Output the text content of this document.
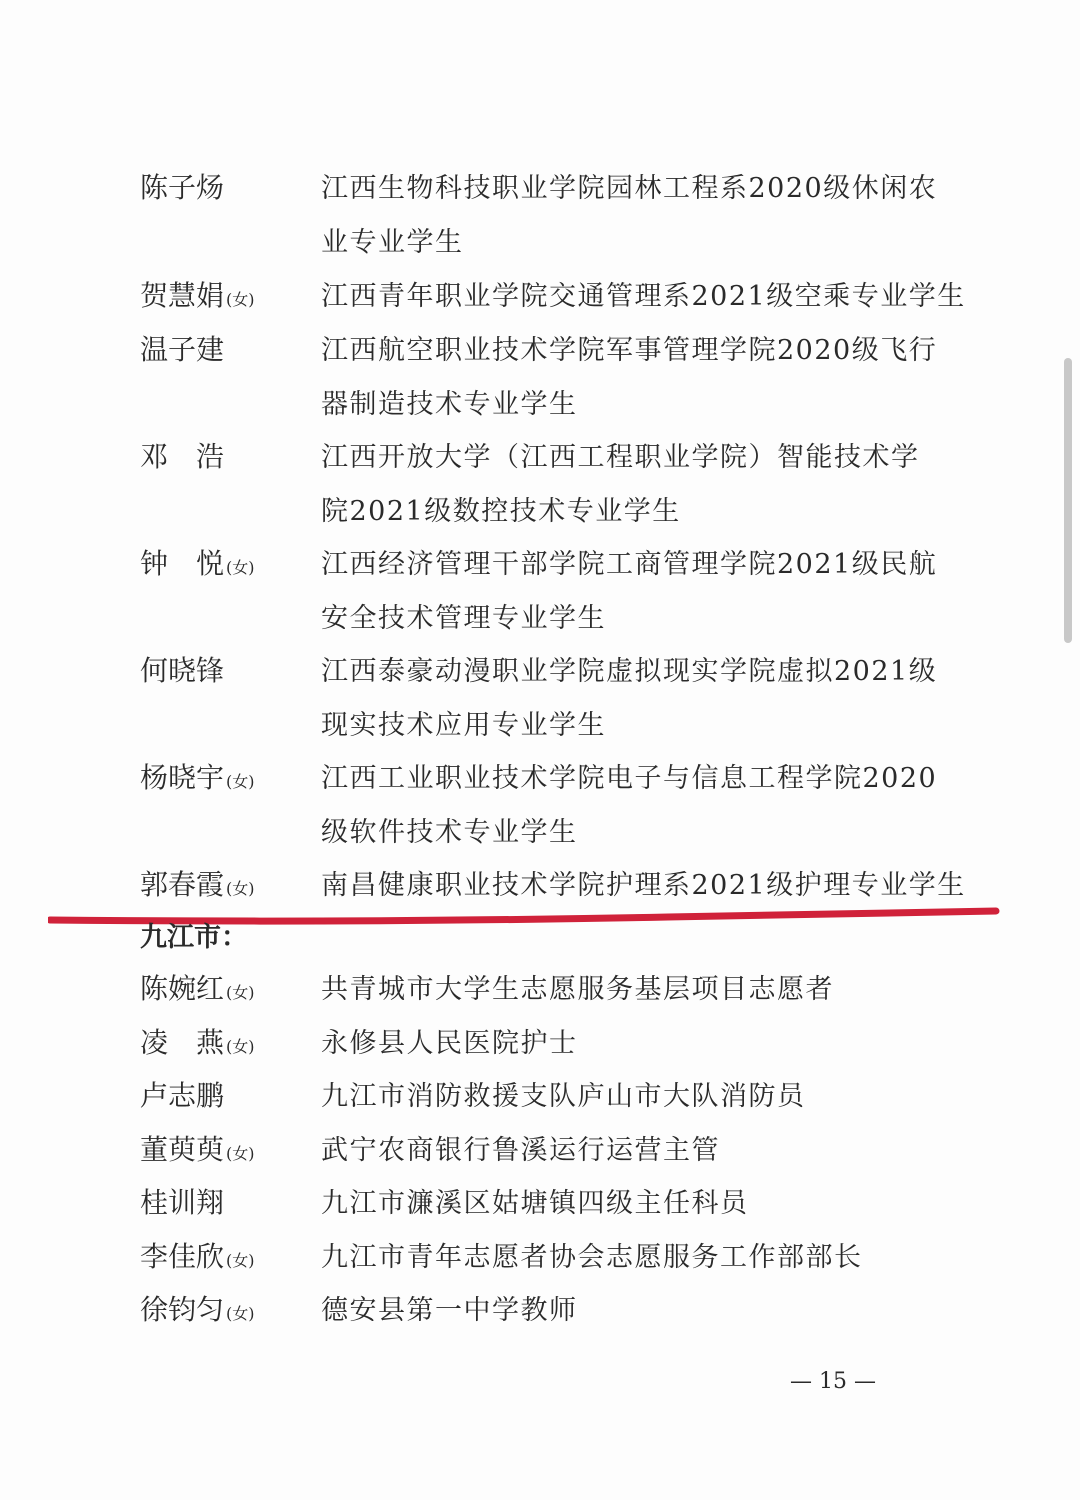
陈子炀	江西生物科技职业学院园林工程系2020级休闲农
业专业学生
贺慧娟 (女)	江西青年职业学院交通管理系2021级空乘专业学生
温子建	江西航空职业技术学院军事管理学院2020级飞行
器制造技术专业学生
邓　浩	江西开放大学（江西工程职业学院）智能技术学
院2021级数控技术专业学生
钟　悦 (女)	江西经济管理干部学院工商管理学院2021级民航
安全技术管理专业学生
何晓锋	江西泰豪动漫职业学院虚拟现实学院虚拟2021级
现实技术应用专业学生
杨晓宇 (女)	江西工业职业技术学院电子与信息工程学院2020
级软件技术专业学生
郭春霞 (女)	南昌健康职业技术学院护理系2021级护理专业学生
九江市：
陈婉红 (女)	共青城市大学生志愿服务基层项目志愿者
凌　燕 (女)	永修县人民医院护士
卢志鹏	九江市消防救援支队庐山市大队消防员
董萸萸 (女)	武宁农商银行鲁溪运行运营主管
桂训翔	九江市濂溪区姑塘镇四级主任科员
李佳欣 (女)	九江市青年志愿者协会志愿服务工作部部长
徐钧匀 (女)	德安县第一中学教师
— 15 —
